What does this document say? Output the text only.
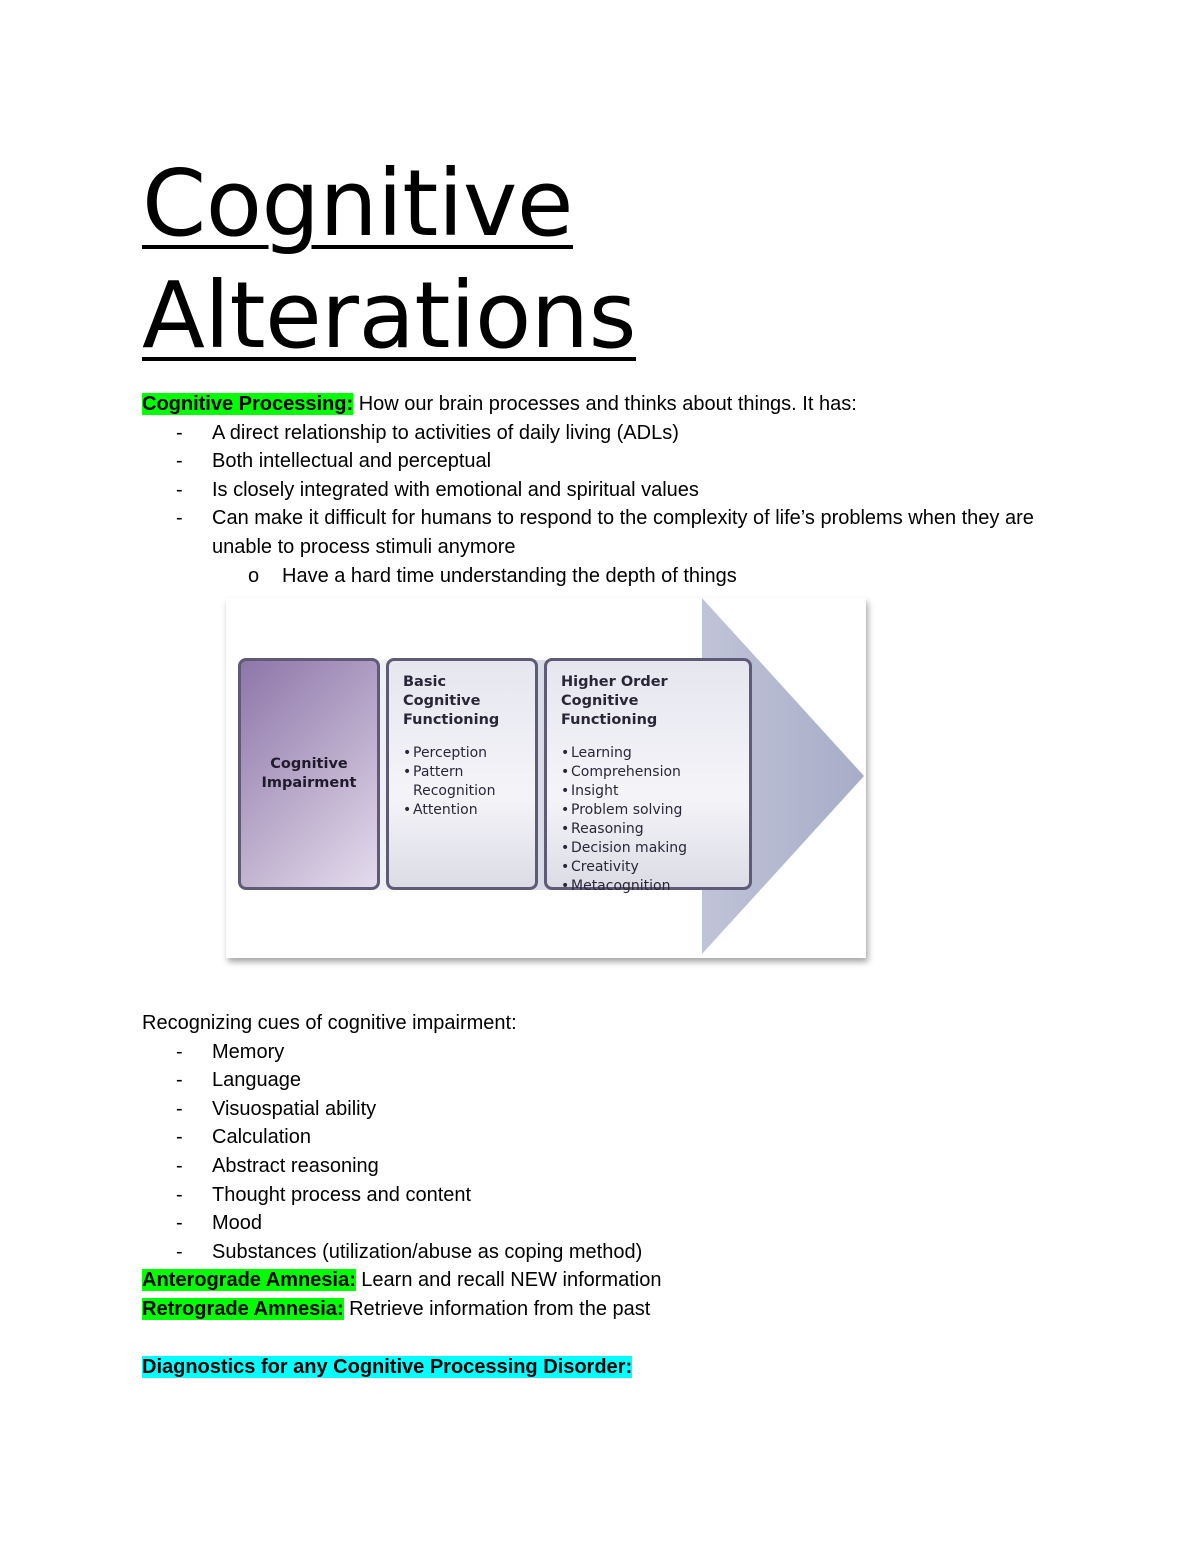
Cognitive
Alterations
Cognitive Processing: How our brain processes and thinks about things. It has:
- A direct relationship to activities of daily living (ADLs)
- Both intellectual and perceptual
- Is closely integrated with emotional and spiritual values
- Can make it difficult for humans to respond to the complexity of life’s problems when they are unable to process stimuli anymore
o Have a hard time understanding the depth of things
Cognitive Impairment
Basic Cognitive Functioning
• Perception
• Pattern Recognition
• Attention
Higher Order Cognitive Functioning
• Learning
• Comprehension
• Insight
• Problem solving
• Reasoning
• Decision making
• Creativity
• Metacognition
Recognizing cues of cognitive impairment:
- Memory
- Language
- Visuospatial ability
- Calculation
- Abstract reasoning
- Thought process and content
- Mood
- Substances (utilization/abuse as coping method)
Anterograde Amnesia: Learn and recall NEW information
Retrograde Amnesia: Retrieve information from the past
Diagnostics for any Cognitive Processing Disorder:
